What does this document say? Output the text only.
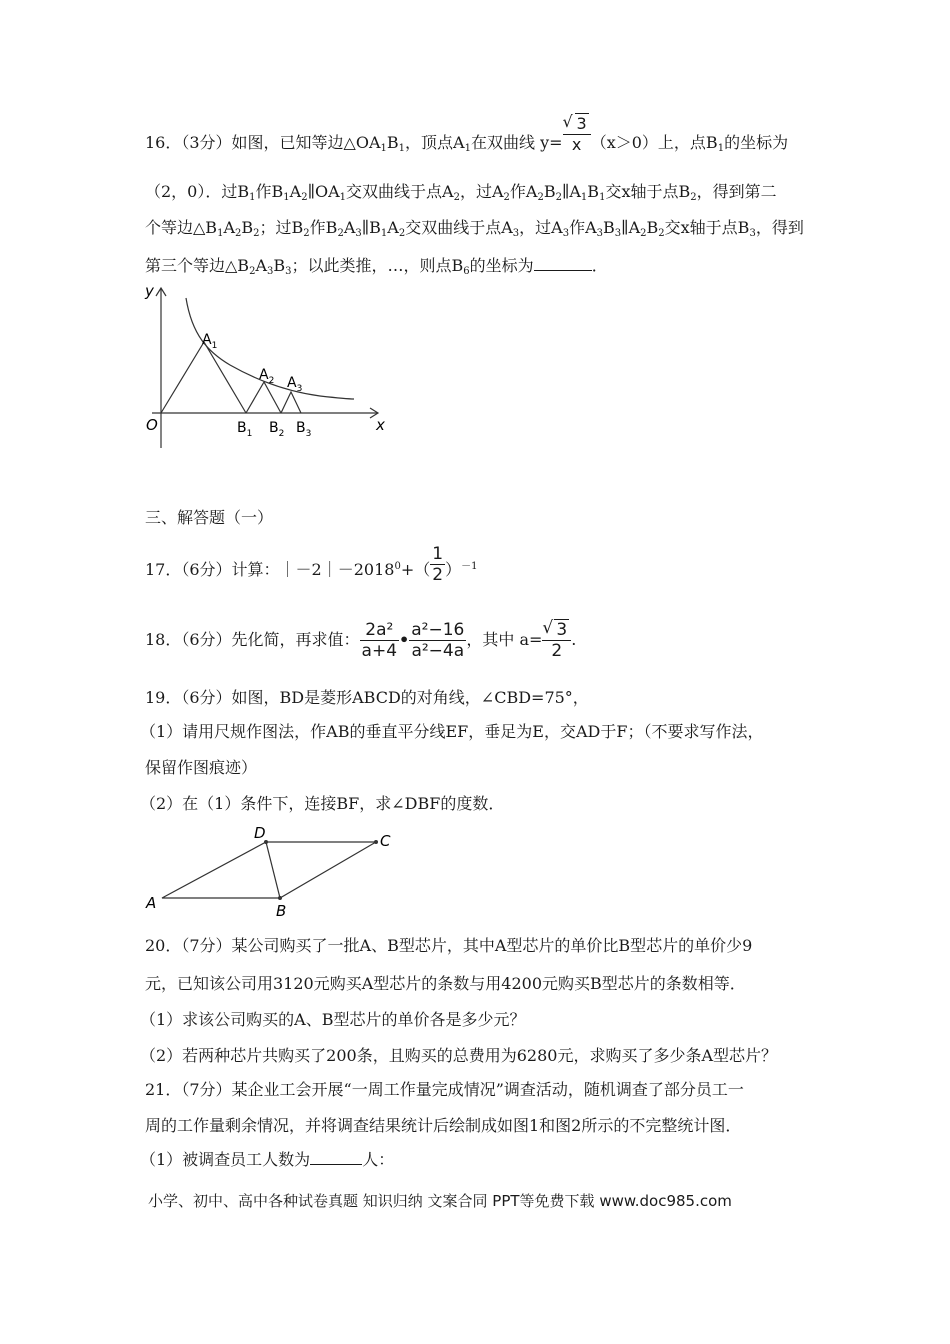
16．（3分）如图，已知等边$\triangle OA_1B_1$，顶点$A_1$在双曲线 y= √ $\frac{3}{x} (x>0)$上，点$B_1$的坐标为
（2，0）．过$B_1$作$B_1A_2\parallel OA_1$交双曲线于点$A_2$，过$A_2$作$A_2B_2\parallel A_1B_1$交x轴于点$B_2$，得到第二
个等边$\triangle B_1A_2B_2$；过$B_2$作$B_2A_3\parallel B_1A_2$交双曲线于点$A_3$，过$A_3$作$A_3B_3\parallel A_2B_2$交x轴于点$B_3$，得到
第三个等边$\triangle B_2A_3B_3$；以此类推，…，则点$B_6$的坐标为	．
y
x
O
$A_1$
$A_2$ $A_3$
$B_1$ $B_2$ $B_3$
三、解答题（一）
17．（6分）计算：$|-2|-2018^0+( \frac{1}{2} )^{-1}$
18．（6分）先化简，再求值： $\frac{\text{2a²}}{a+4}$ • $\frac{\text{a²−16}}{\text{a²−4a}}$ ，其中 a= √ $\frac{3}{2}$ .
19．（6分）如图，BD是菱形ABCD的对角线，∠CBD=75°，
（1）请用尺规作图法，作AB的垂直平分线EF，垂足为E，交AD于F；（不要求写作法，
保留作图痕迹）
（2）在（1）条件下，连接BF，求∠DBF的度数．
A	B
C
D
20．（7分）某公司购买了一批A、B型芯片，其中A型芯片的单价比B型芯片的单价少9
元，已知该公司用3120元购买A型芯片的条数与用4200元购买B型芯片的条数相等．
（1）求该公司购买的A、B型芯片的单价各是多少元？
（2）若两种芯片共购买了200条，且购买的总费用为6280元，求购买了多少条A型芯片？
21．（7分）某企业工会开展“一周工作量完成情况”调查活动，随机调查了部分员工一
周的工作量剩余情况，并将调查结果统计后绘制成如图1和图2所示的不完整统计图．
（1）被调查员工人数为	人：
小学、初中、高中各种试卷真题 知识归纳 文案合同 PPT等免费下载 www.doc985.com
